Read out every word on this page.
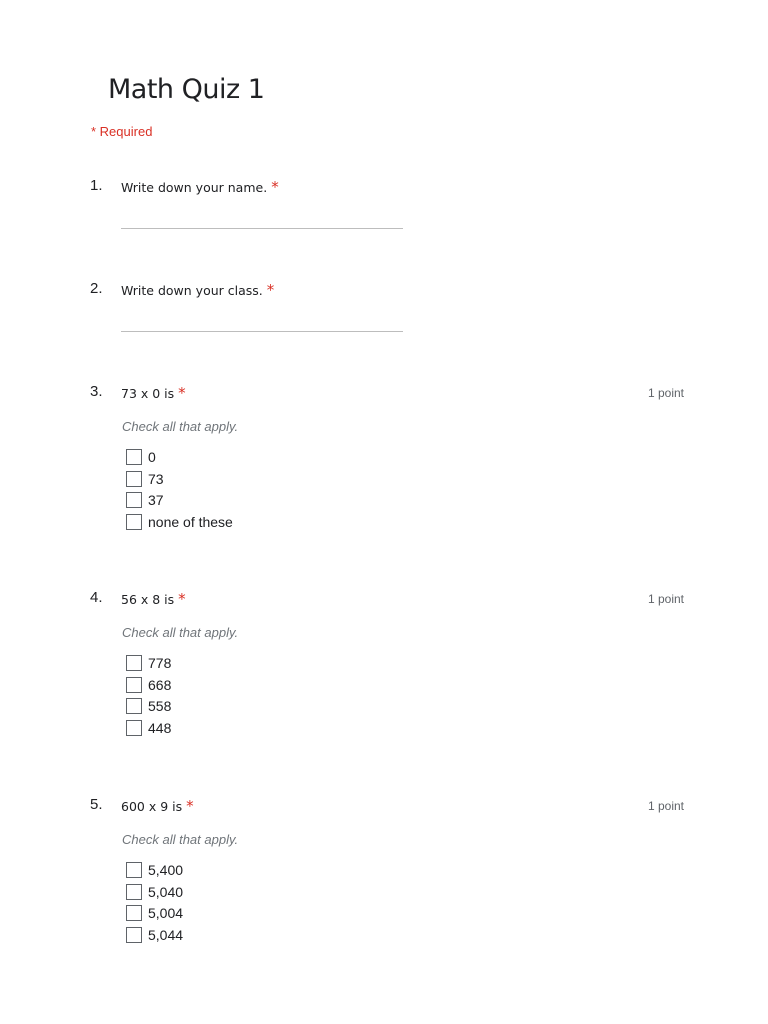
Math Quiz 1
* Required
1. Write down your name. *
2. Write down your class. *
3. 73 x 0 is *	1 point
Check all that apply.
0
73
37
none of these
4. 56 x 8 is *	1 point
Check all that apply.
778
668
558
448
5. 600 x 9 is *	1 point
Check all that apply.
5,400
5,040
5,004
5,044
